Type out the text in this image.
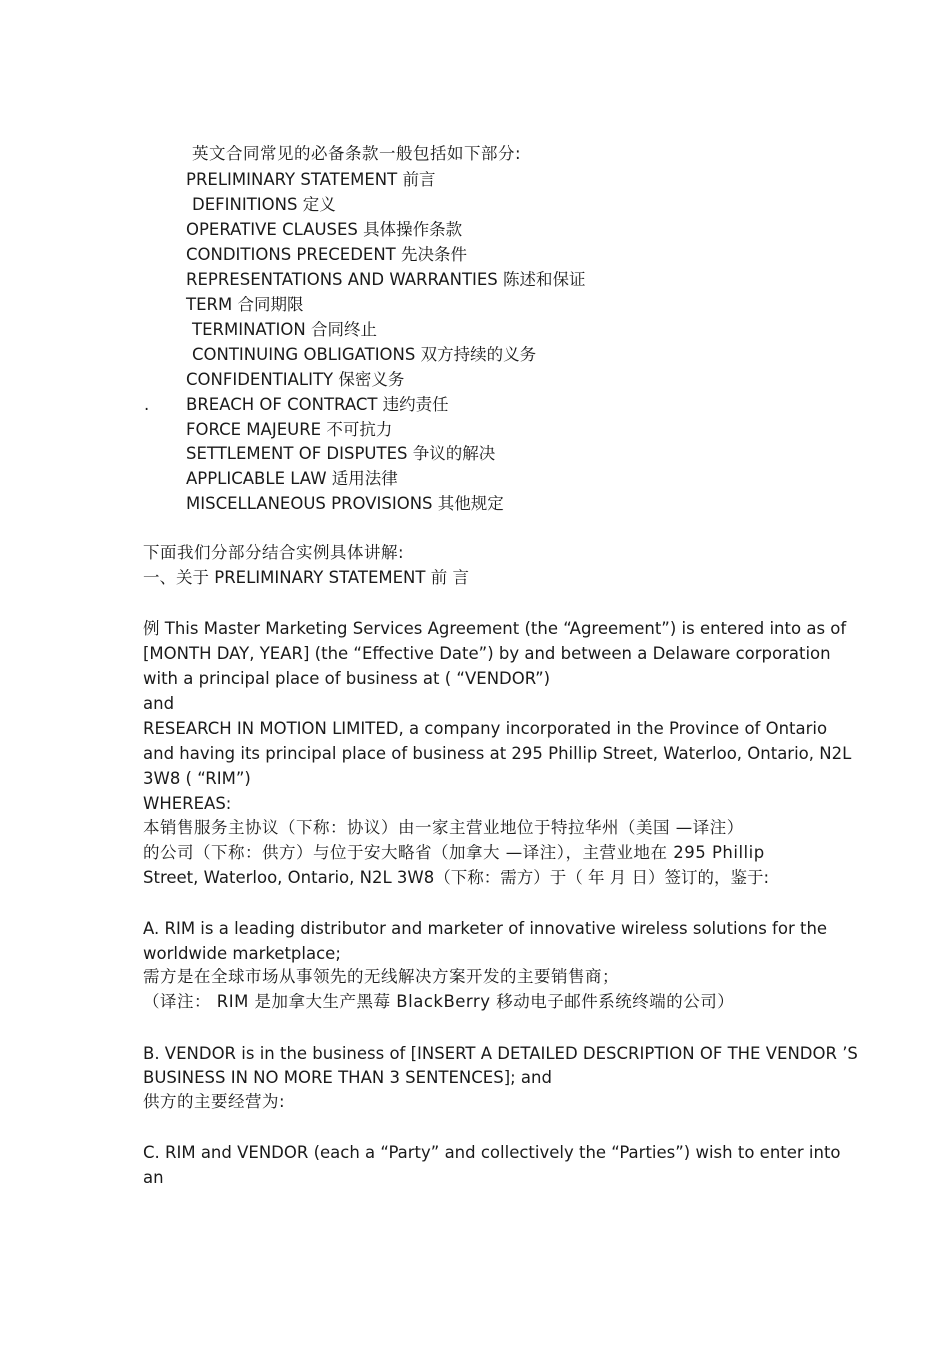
英文合同常见的必备条款一般包括如下部分:
PRELIMINARY STATEMENT 前言
DEFINITIONS 定义
OPERATIVE CLAUSES 具体操作条款
CONDITIONS PRECEDENT 先决条件
REPRESENTATIONS AND WARRANTIES 陈述和保证
TERM 合同期限
TERMINATION 合同终止
CONTINUING OBLIGATIONS 双方持续的义务
CONFIDENTIALITY 保密义务
. BREACH OF CONTRACT 违约责任
FORCE MAJEURE 不可抗力
SETTLEMENT OF DISPUTES 争议的解决
APPLICABLE LAW 适用法律
MISCELLANEOUS PROVISIONS 其他规定
下面我们分部分结合实例具体讲解:
一、关于 PRELIMINARY STATEMENT 前 言
例 This Master Marketing Services Agreement (the “Agreement”) is entered into as of
[MONTH DAY, YEAR] (the “Effective Date”) by and between a Delaware corporation
with a principal place of business at ( “VENDOR”)
and
RESEARCH IN MOTION LIMITED, a company incorporated in the Province of Ontario
and having its principal place of business at 295 Phillip Street, Waterloo, Ontario, N2L
3W8 ( “RIM”)
WHEREAS:
本销售服务主协议（下称：协议）由一家主营业地位于特拉华州（美国 —译注）
的公司（下称：供方）与位于安大略省（加拿大 —译注），主营业地在 295 Phillip
Street, Waterloo, Ontario, N2L 3W8（下称：需方）于（ 年 月 日）签订的，鉴于:
A. RIM is a leading distributor and marketer of innovative wireless solutions for the
worldwide marketplace;
需方是在全球市场从事领先的无线解决方案开发的主要销售商；
（译注： RIM 是加拿大生产黑莓 BlackBerry 移动电子邮件系统终端的公司）
B. VENDOR is in the business of [INSERT A DETAILED DESCRIPTION OF THE VENDOR ’S
BUSINESS IN NO MORE THAN 3 SENTENCES]; and
供方的主要经营为:
C. RIM and VENDOR (each a “Party” and collectively the “Parties”) wish to enter into
an
